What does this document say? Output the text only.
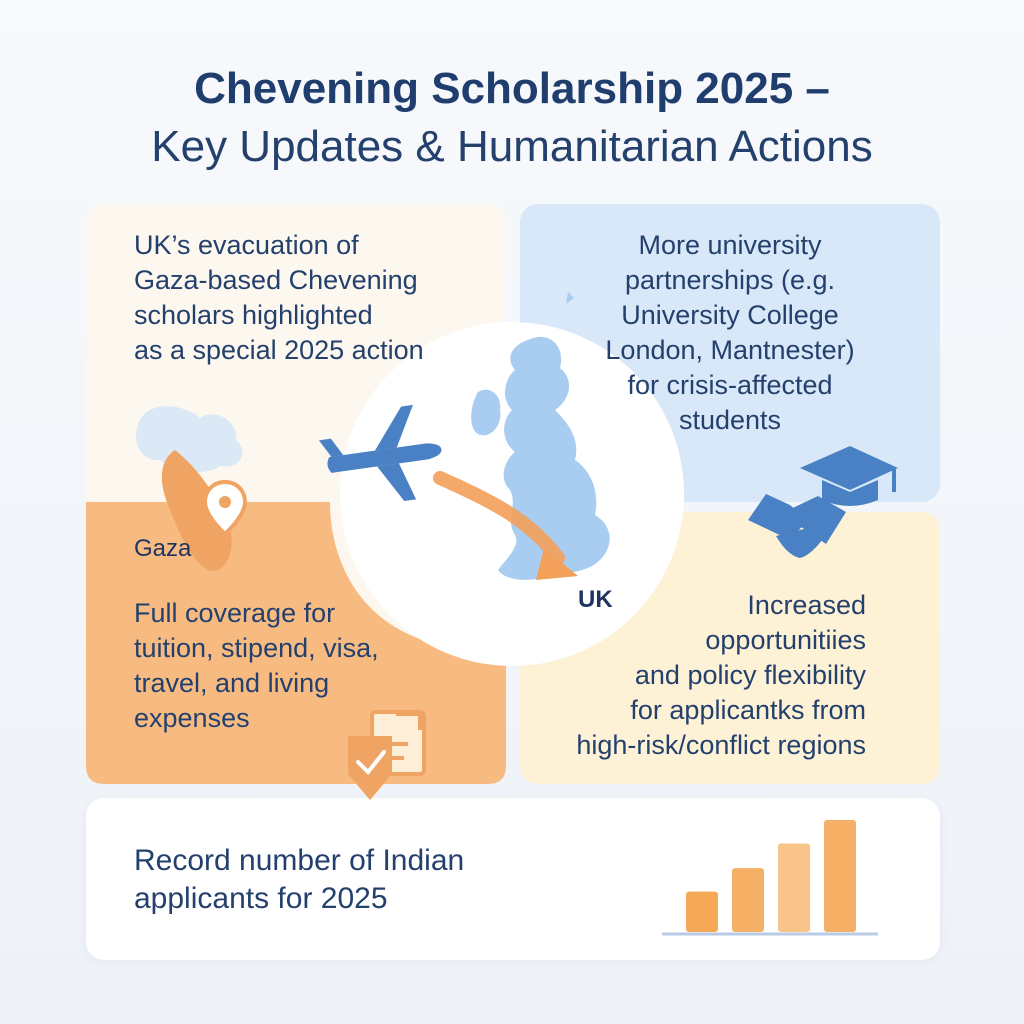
Chevening Scholarship 2025 –
Key Updates & Humanitarian Actions
UK’s evacuation of
Gaza-based Chevening
scholars highlighted
as a special 2025 action
More university
partnerships (e.g.
University College
London, Mantnester)
for crisis-affected
students
Increased
opportunitiies
and policy flexibility
for applicantks from
high-risk/conflict regions
Full coverage for
tuition, stipend, visa,
travel, and living
expenses
Record number of Indian
applicants for 2025
Gaza
UK
